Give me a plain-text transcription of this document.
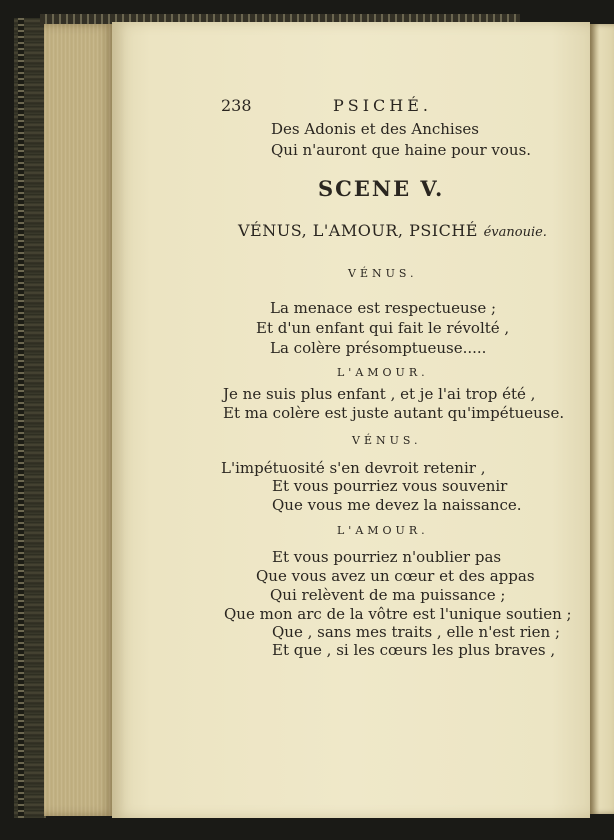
238	PSICHÉ.
Des Adonis et des Anchises
Qui n'auront que haine pour vous.
SCENE V.
VÉNUS, L'AMOUR, PSICHÉ évanouie.
VÉNUS.
La menace est respectueuse ;
Et d'un enfant qui fait le révolté ,
La colère présomptueuse.....
L'AMOUR.
Je ne suis plus enfant , et je l'ai trop été ,
Et ma colère est juste autant qu'impétueuse.
VÉNUS.
L'impétuosité s'en devroit retenir ,
Et vous pourriez vous souvenir
Que vous me devez la naissance.
L'AMOUR.
Et vous pourriez n'oublier pas
Que vous avez un cœur et des appas
Qui relèvent de ma puissance ;
Que mon arc de la vôtre est l'unique soutien ;
Que , sans mes traits , elle n'est rien ;
Et que , si les cœurs les plus braves ,
